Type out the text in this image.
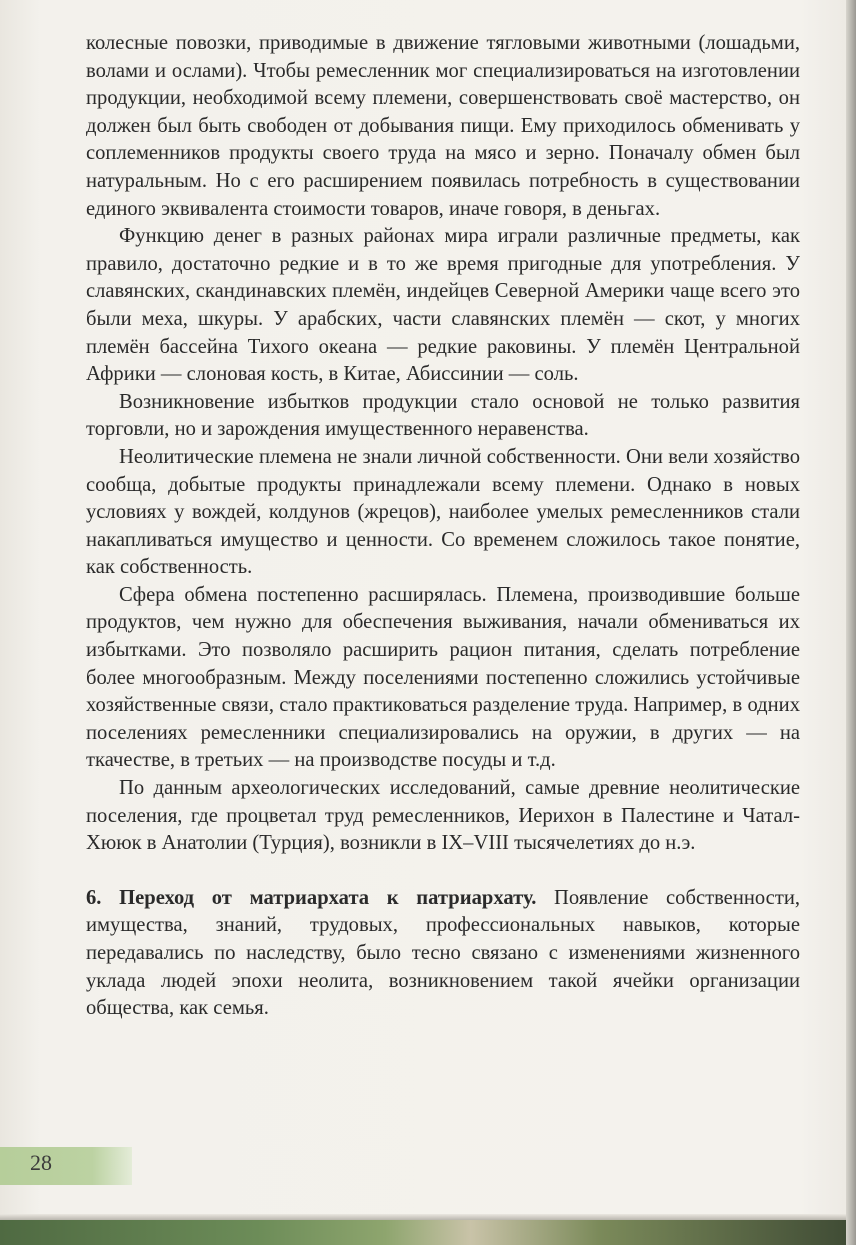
колесные повозки, приводимые в движение тягловыми животными (лошадьми, волами и ослами). Чтобы ремесленник мог специализироваться на изготовлении продукции, необходимой всему племени, совершенствовать своё мастерство, он должен был быть свободен от добывания пищи. Ему приходилось обменивать у соплеменников продукты своего труда на мясо и зерно. Поначалу обмен был натуральным. Но с его расширением появилась потребность в существовании единого эквивалента стоимости товаров, иначе говоря, в деньгах.

Функцию денег в разных районах мира играли различные предметы, как правило, достаточно редкие и в то же время пригодные для употребления. У славянских, скандинавских племён, индейцев Северной Америки чаще всего это были меха, шкуры. У арабских, части славянских племён — скот, у многих племён бассейна Тихого океана — редкие раковины. У племён Центральной Африки — слоновая кость, в Китае, Абиссинии — соль.

Возникновение избытков продукции стало основой не только развития торговли, но и зарождения имущественного неравенства.

Неолитические племена не знали личной собственности. Они вели хозяйство сообща, добытые продукты принадлежали всему племени. Однако в новых условиях у вождей, колдунов (жрецов), наиболее умелых ремесленников стали накапливаться имущество и ценности. Со временем сложилось такое понятие, как собственность.

Сфера обмена постепенно расширялась. Племена, производившие больше продуктов, чем нужно для обеспечения выживания, начали обмениваться их избытками. Это позволяло расширить рацион питания, сделать потребление более многообразным. Между поселениями постепенно сложились устойчивые хозяйственные связи, стало практиковаться разделение труда. Например, в одних поселениях ремесленники специализировались на оружии, в других — на ткачестве, в третьих — на производстве посуды и т.д.

По данным археологических исследований, самые древние неолитические поселения, где процветал труд ремесленников, Иерихон в Палестине и Чатал-Хююк в Анатолии (Турция), возникли в IX–VIII тысячелетиях до н.э.

6. Переход от матриархата к патриархату. Появление собственности, имущества, знаний, трудовых, профессиональных навыков, которые передавались по наследству, было тесно связано с изменениями жизненного уклада людей эпохи неолита, возникновением такой ячейки организации общества, как семья.

28
